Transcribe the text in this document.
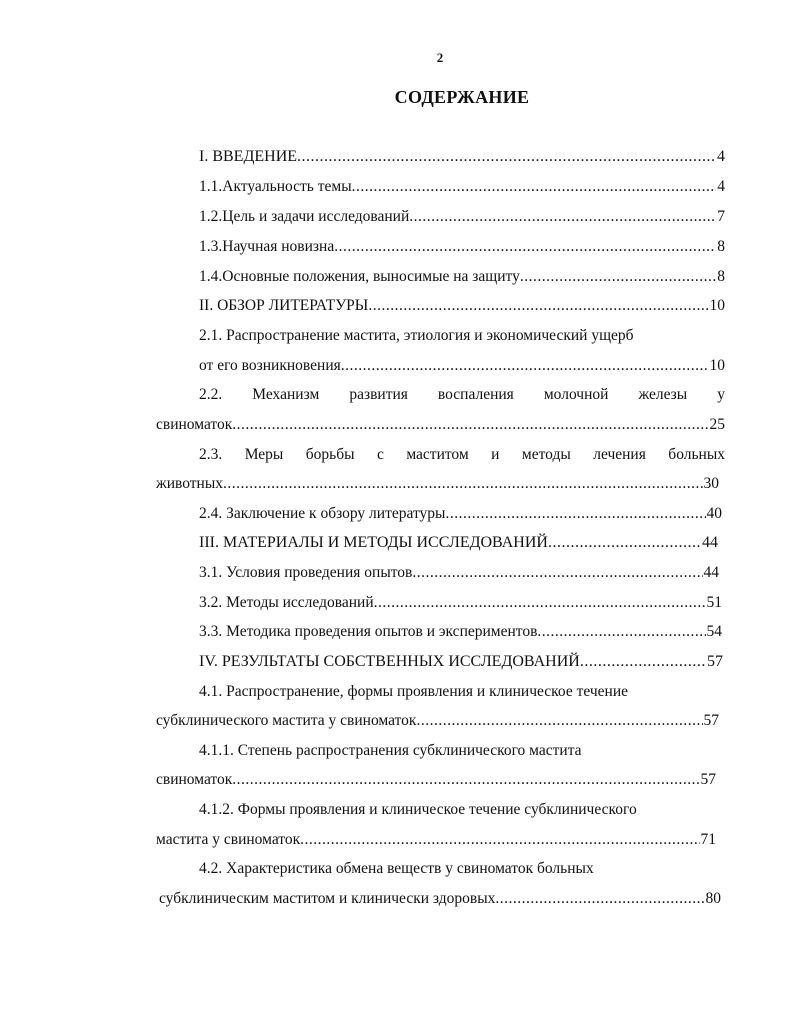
2
СОДЕРЖАНИЕ
I. ВВЕДЕНИЕ .....	4
1.1. Актуальность темы .....	4
1.2. Цель и задачи исследований .....	7
1.3. Научная новизна .....	8
1.4. Основные положения, выносимые на защиту .....	8
II. ОБЗОР ЛИТЕРАТУРЫ .....	10
2.1. Распространение мастита, этиология и экономический ущерб
от его возникновения .....	10
2.2. Механизм развития воспаления молочной железы у
свиноматок .....	25
2.3. Меры борьбы с маститом и методы лечения больных
животных .....	30
2.4. Заключение к обзору литературы .....	40
III. МАТЕРИАЛЫ И МЕТОДЫ ИССЛЕДОВАНИЙ .....	44
3.1. Условия проведения опытов .....	44
3.2. Методы исследований .....	51
3.3. Методика проведения опытов и экспериментов .....	54
IV. РЕЗУЛЬТАТЫ СОБСТВЕННЫХ ИССЛЕДОВАНИЙ .....	57
4.1. Распространение, формы проявления и клиническое течение
субклинического мастита у свиноматок .....	57
4.1.1. Степень распространения субклинического мастита
свиноматок .....	57
4.1.2. Формы проявления и клиническое течение субклинического
мастита у свиноматок .....	71
4.2. Характеристика обмена веществ у свиноматок больных
субклиническим маститом и клинически здоровых .....	80
